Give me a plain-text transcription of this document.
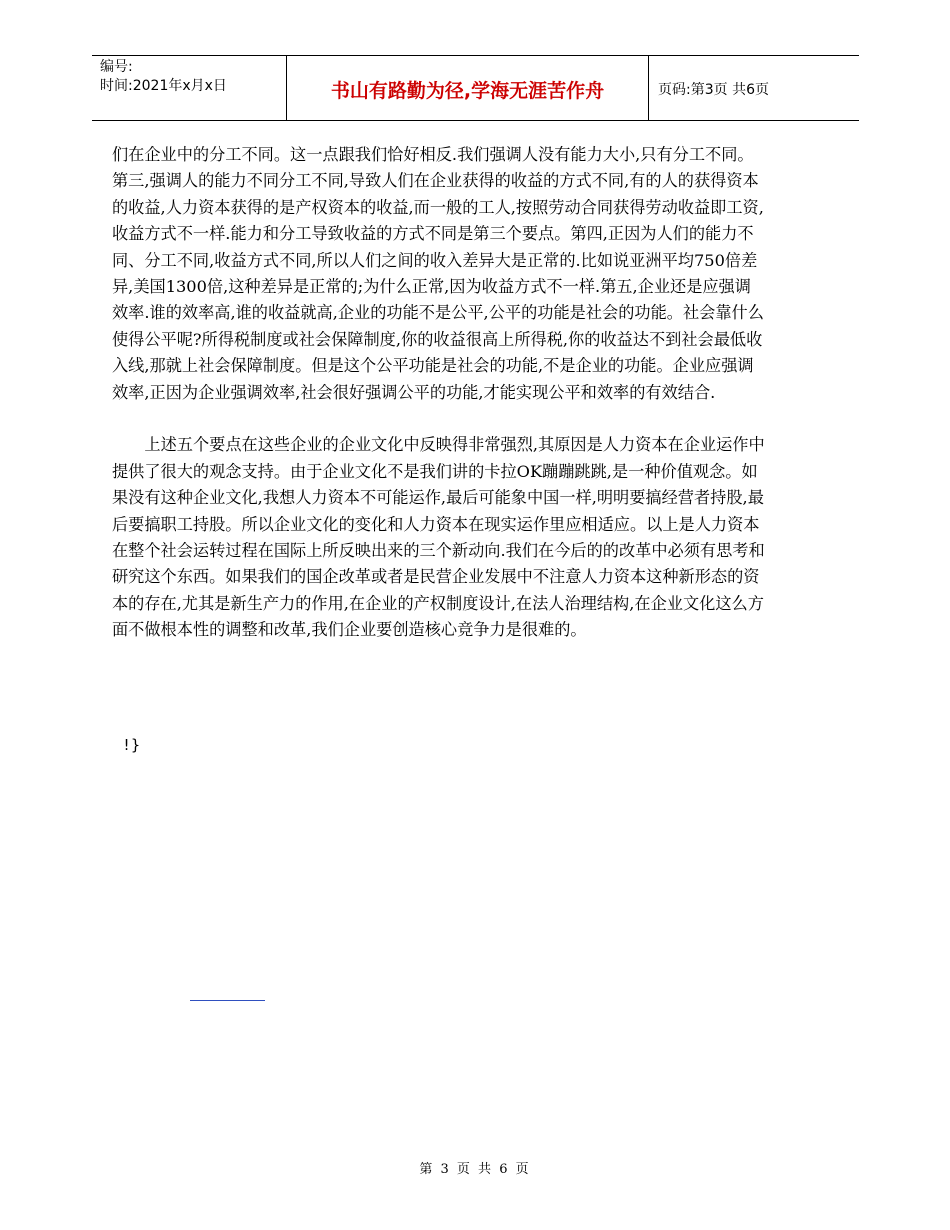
编号:
时间:2021年x月x日	书山有路勤为径,学海无涯苦作舟	页码:第3页 共6页

们在企业中的分工不同。这一点跟我们恰好相反.我们强调人没有能力大小,只有分工不同。第三,强调人的能力不同分工不同,导致人们在企业获得的收益的方式不同,有的人的获得资本的收益,人力资本获得的是产权资本的收益,而一般的工人,按照劳动合同获得劳动收益即工资,收益方式不一样.能力和分工导致收益的方式不同是第三个要点。第四,正因为人们的能力不同、分工不同,收益方式不同,所以人们之间的收入差异大是正常的.比如说亚洲平均750倍差异,美国1300倍,这种差异是正常的;为什么正常,因为收益方式不一样.第五,企业还是应强调效率.谁的效率高,谁的收益就高,企业的功能不是公平,公平的功能是社会的功能。社会靠什么使得公平呢?所得税制度或社会保障制度,你的收益很高上所得税,你的收益达不到社会最低收入线,那就上社会保障制度。但是这个公平功能是社会的功能,不是企业的功能。企业应强调效率,正因为企业强调效率,社会很好强调公平的功能,才能实现公平和效率的有效结合.

上述五个要点在这些企业的企业文化中反映得非常强烈,其原因是人力资本在企业运作中提供了很大的观念支持。由于企业文化不是我们讲的卡拉OK蹦蹦跳跳,是一种价值观念。如果没有这种企业文化,我想人力资本不可能运作,最后可能象中国一样,明明要搞经营者持股,最后要搞职工持股。所以企业文化的变化和人力资本在现实运作里应相适应。以上是人力资本在整个社会运转过程在国际上所反映出来的三个新动向.我们在今后的的改革中必须有思考和研究这个东西。如果我们的国企改革或者是民营企业发展中不注意人力资本这种新形态的资本的存在,尤其是新生产力的作用,在企业的产权制度设计,在法人治理结构,在企业文化这么方面不做根本性的调整和改革,我们企业要创造核心竞争力是很难的。

!}
第 3 页 共 6 页
